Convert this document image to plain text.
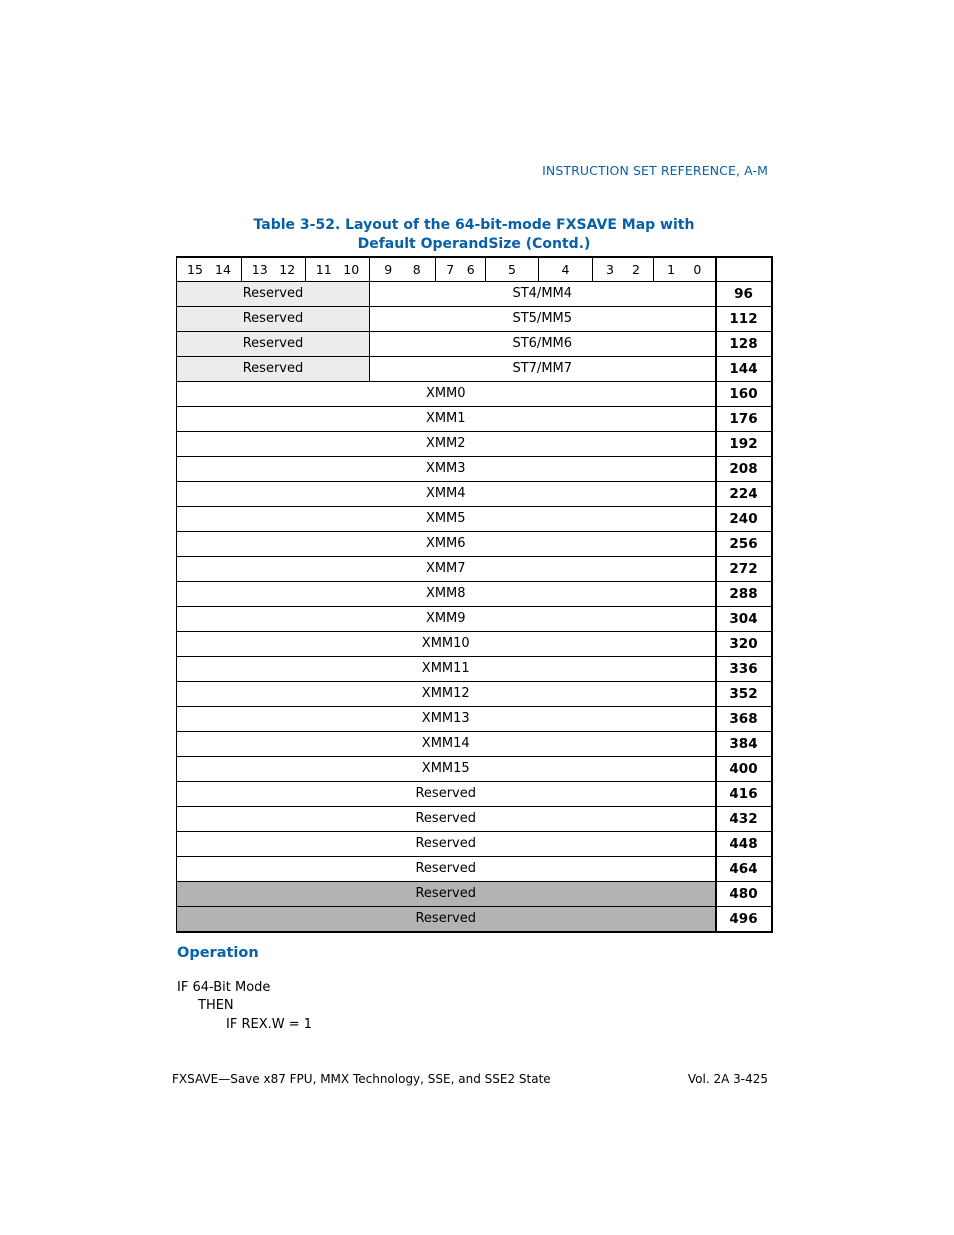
INSTRUCTION SET REFERENCE, A-M
Table 3-52. Layout of the 64-bit-mode FXSAVE Map with
Default OperandSize (Contd.)
15 14	13 12	11 10	9 8	7 6	5	4	3 2	1 0	

Reserved			ST4/MM4						96
Reserved			ST5/MM5						112
Reserved			ST6/MM6						128
Reserved			ST7/MM7						144
XMM0									160
XMM1									176
XMM2									192
XMM3									208
XMM4									224
XMM5									240
XMM6									256
XMM7									272
XMM8									288
XMM9									304
XMM10									320
XMM11									336
XMM12									352
XMM13									368
XMM14									384
XMM15									400
Reserved									416
Reserved									432
Reserved									448
Reserved									464
Reserved									480
Reserved									496
Operation
IF 64-Bit Mode
THEN
IF REX.W = 1
FXSAVE—Save x87 FPU, MMX Technology, SSE, and SSE2 State	Vol. 2A 3-425
